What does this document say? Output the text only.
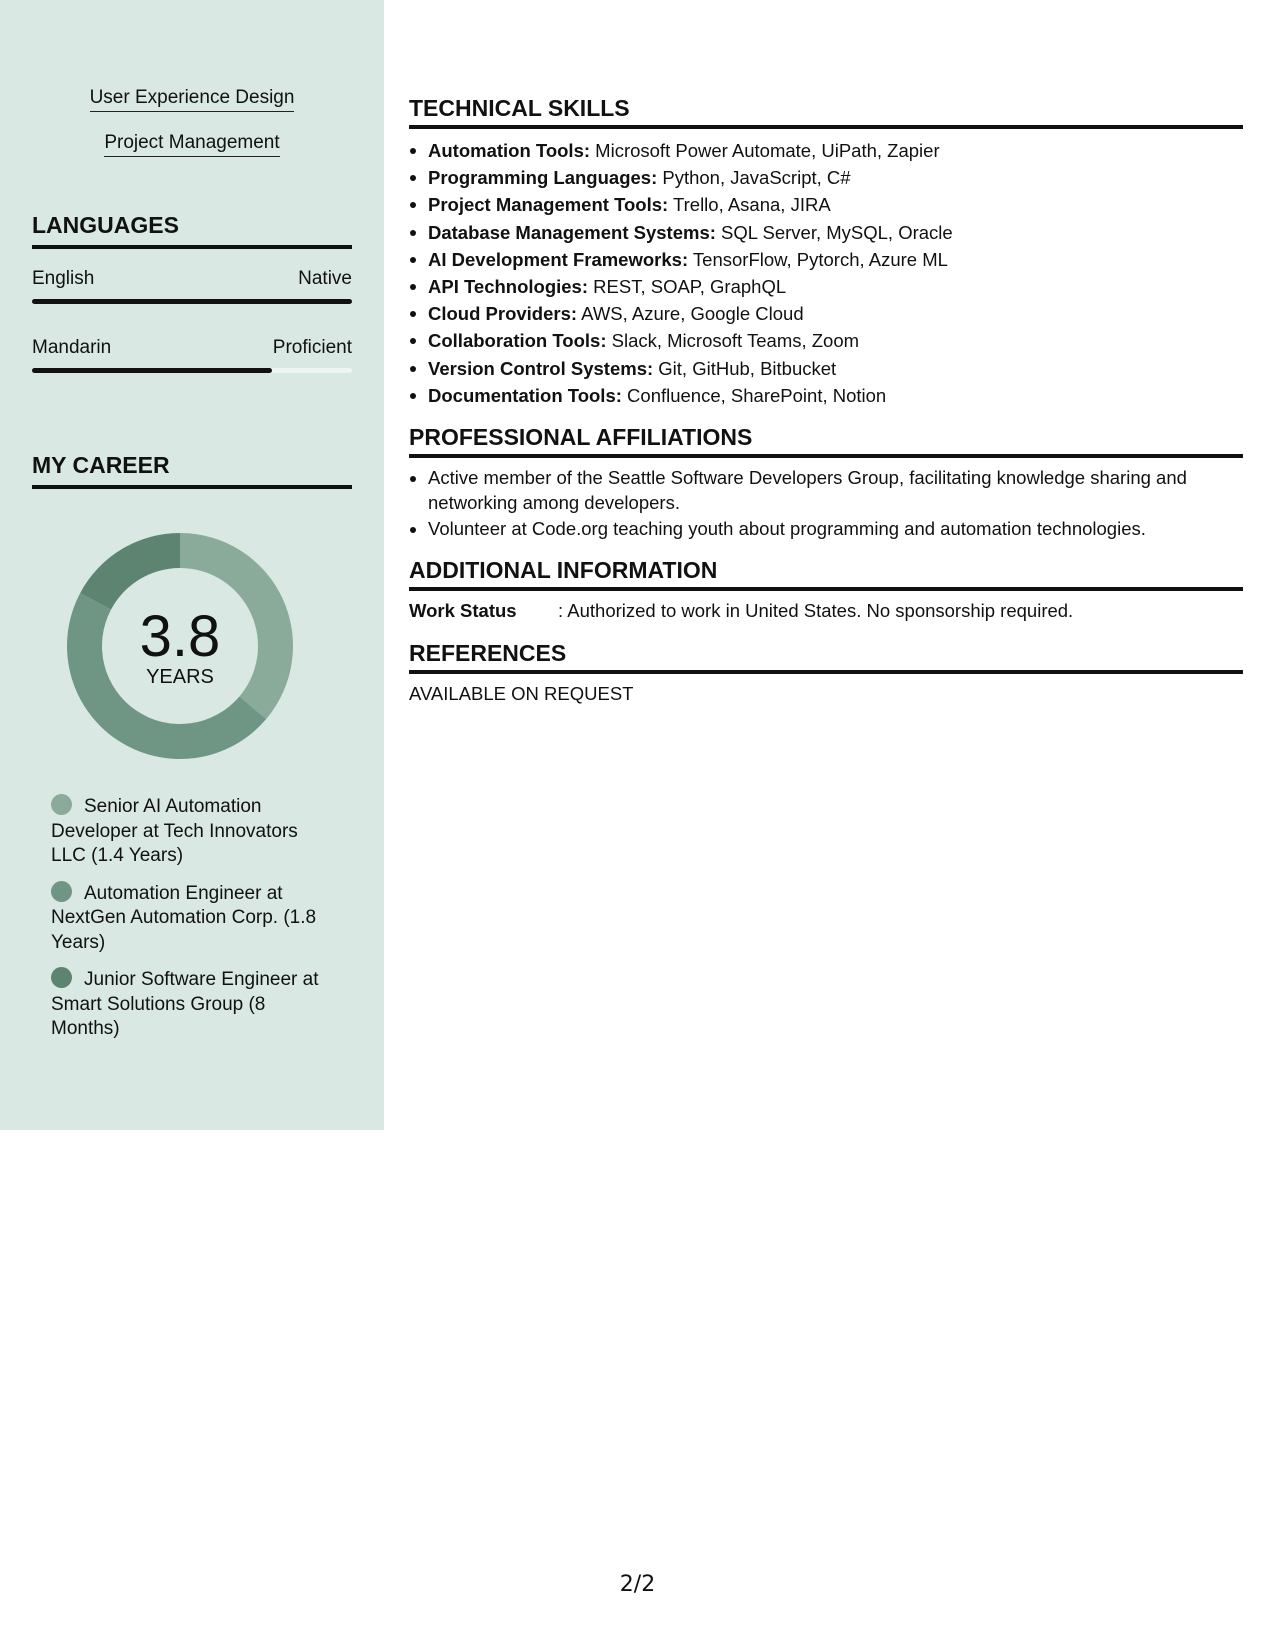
User Experience Design
Project Management
LANGUAGES
English	Native
Mandarin	Proficient
MY CAREER
3.8
YEARS
Senior AI Automation Developer at Tech Innovators LLC (1.4 Years)
Automation Engineer at NextGen Automation Corp. (1.8 Years)
Junior Software Engineer at Smart Solutions Group (8 Months)
TECHNICAL SKILLS
Automation Tools: Microsoft Power Automate, UiPath, Zapier
Programming Languages: Python, JavaScript, C#
Project Management Tools: Trello, Asana, JIRA
Database Management Systems: SQL Server, MySQL, Oracle
AI Development Frameworks: TensorFlow, Pytorch, Azure ML
API Technologies: REST, SOAP, GraphQL
Cloud Providers: AWS, Azure, Google Cloud
Collaboration Tools: Slack, Microsoft Teams, Zoom
Version Control Systems: Git, GitHub, Bitbucket
Documentation Tools: Confluence, SharePoint, Notion
PROFESSIONAL AFFILIATIONS
Active member of the Seattle Software Developers Group, facilitating knowledge sharing and networking among developers.
Volunteer at Code.org teaching youth about programming and automation technologies.
ADDITIONAL INFORMATION
Work Status : Authorized to work in United States. No sponsorship required.
REFERENCES
AVAILABLE ON REQUEST
2/2
